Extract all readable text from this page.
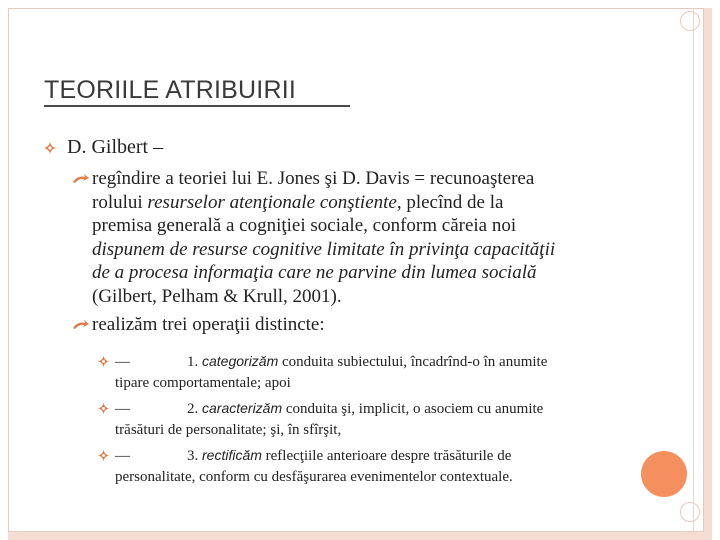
TEORIILE ATRIBUIRII
D. Gilbert –
regîndire a teoriei lui E. Jones şi D. Davis = recunoaşterea
rolului resurselor atenţionale conştiente, plecînd de la
premisa generală a cogniţiei sociale, conform căreia noi
dispunem de resurse cognitive limitate în privinţa capacităţii
de a procesa informaţia care ne parvine din lumea socială
(Gilbert, Pelham & Krull, 2001).
realizăm trei operaţii distincte:
—	1. categorizăm conduita subiectului, încadrînd-o în anumite
tipare comportamentale; apoi
—	2. caracterizăm conduita şi, implicit, o asociem cu anumite
trăsături de personalitate; şi, în sfîrşit,
—	3. rectificăm reflecţiile anterioare despre trăsăturile de
personalitate, conform cu desfăşurarea evenimentelor contextuale.
